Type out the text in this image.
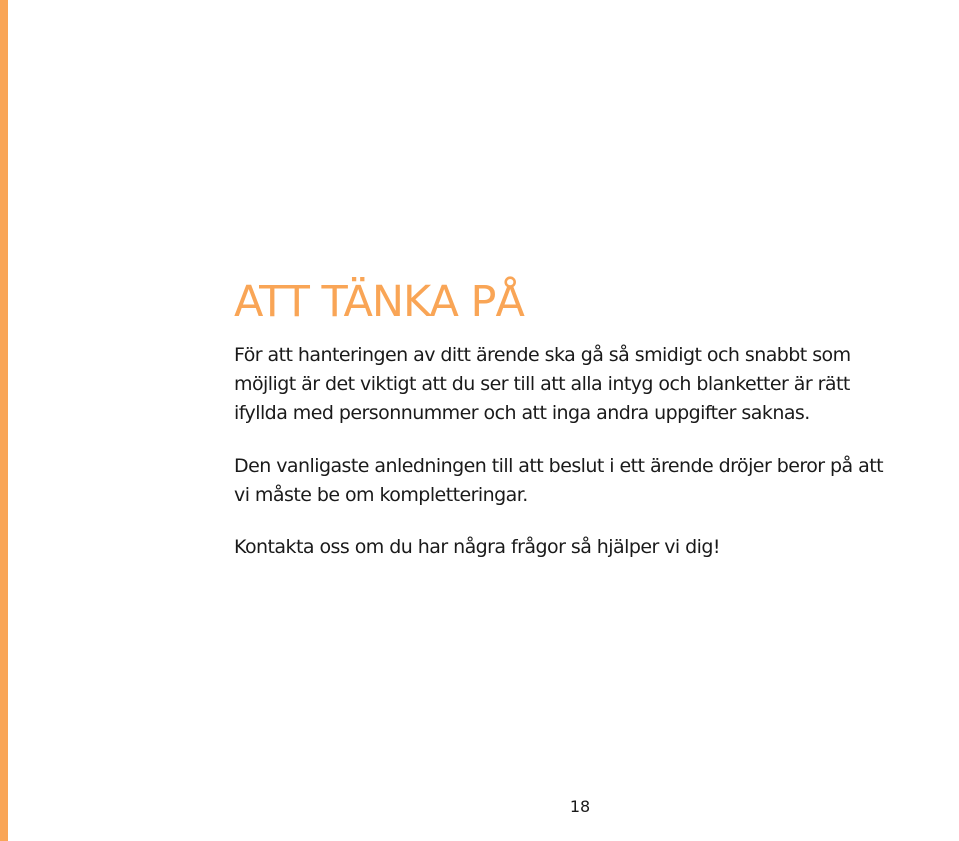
ATT TÄNKA PÅ

För att hanteringen av ditt ärende ska gå så smidigt och snabbt som
möjligt är det viktigt att du ser till att alla intyg och blanketter är rätt
ifyllda med personnummer och att inga andra uppgifter saknas.

Den vanligaste anledningen till att beslut i ett ärende dröjer beror på att
vi måste be om kompletteringar.

Kontakta oss om du har några frågor så hjälper vi dig!

18
